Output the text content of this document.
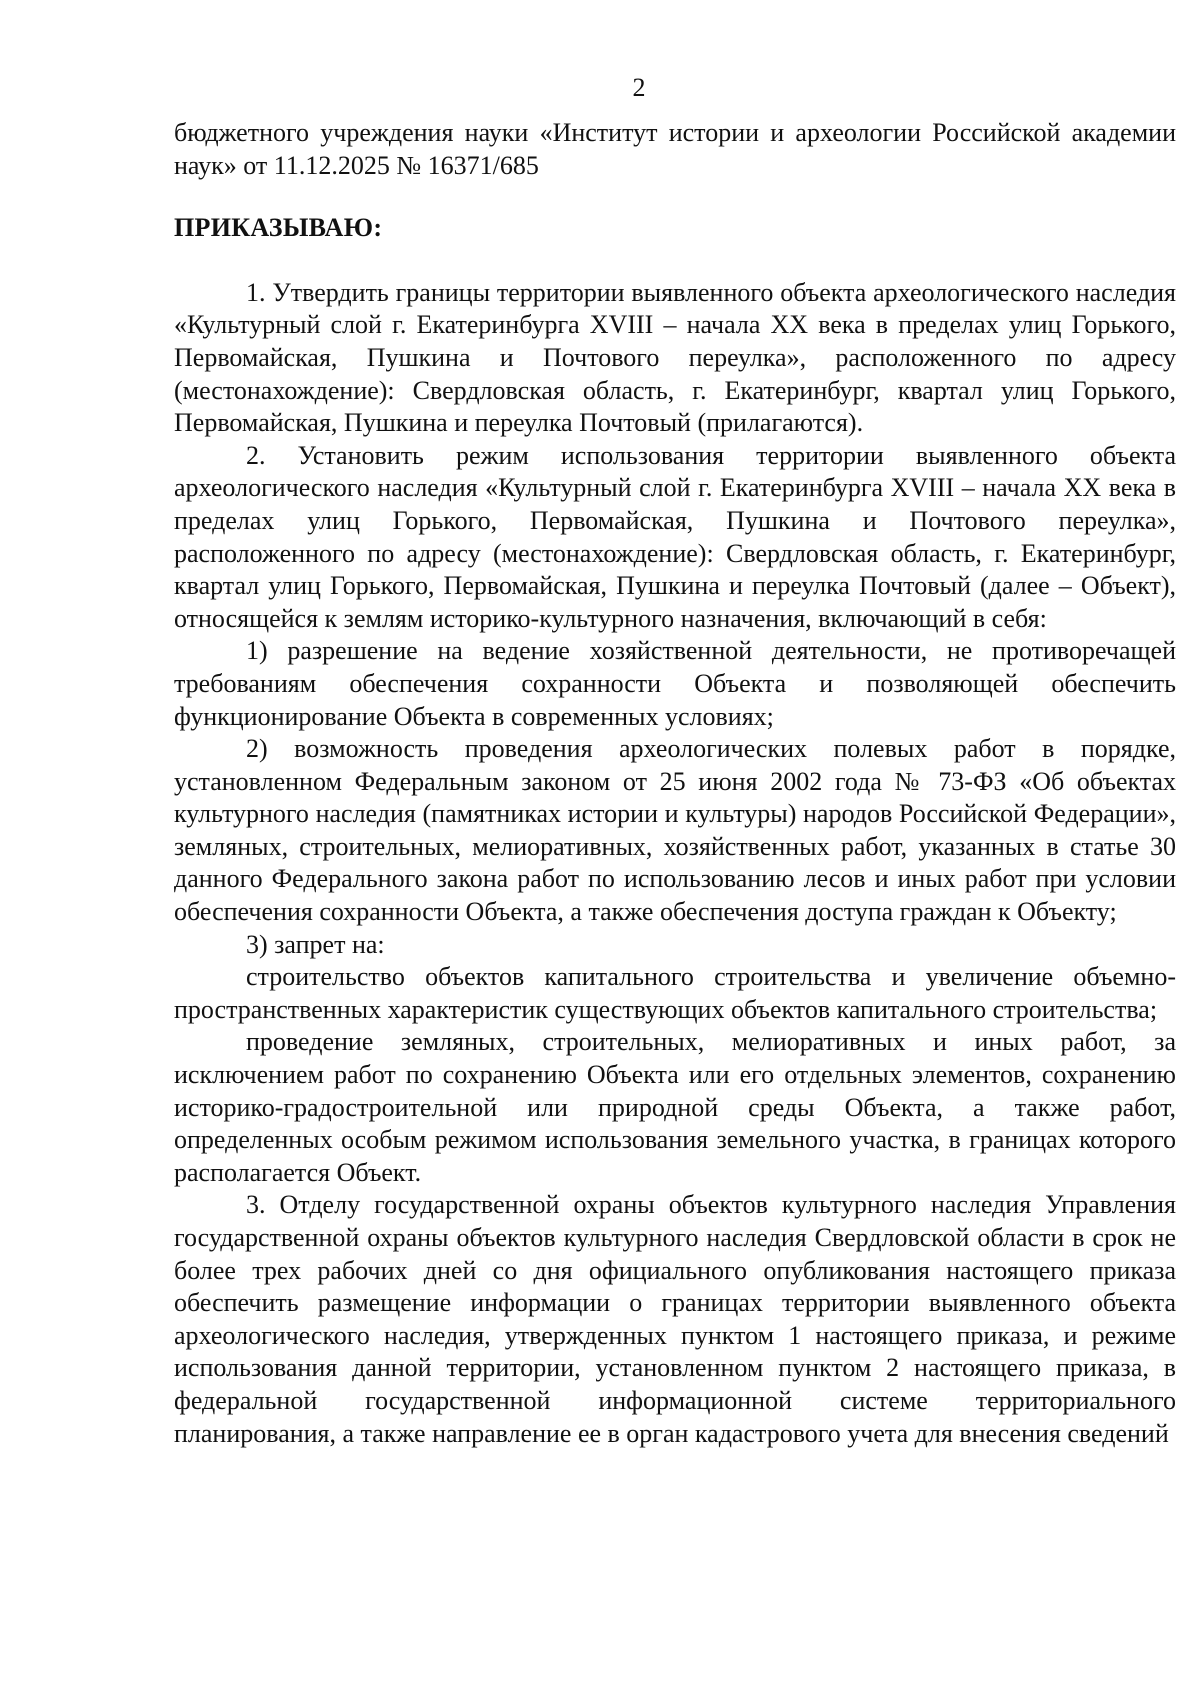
2

бюджетного учреждения науки «Институт истории и археологии Российской академии наук» от 11.12.2025 № 16371/685

ПРИКАЗЫВАЮ:

1. Утвердить границы территории выявленного объекта археологического наследия «Культурный слой г. Екатеринбурга XVIII – начала XX века в пределах улиц Горького, Первомайская, Пушкина и Почтового переулка», расположенного по адресу (местонахождение): Свердловская область, г. Екатеринбург, квартал улиц Горького, Первомайская, Пушкина и переулка Почтовый (прилагаются).

2. Установить режим использования территории выявленного объекта археологического наследия «Культурный слой г. Екатеринбурга XVIII – начала XX века в пределах улиц Горького, Первомайская, Пушкина и Почтового переулка», расположенного по адресу (местонахождение): Свердловская область, г. Екатеринбург, квартал улиц Горького, Первомайская, Пушкина и переулка Почтовый (далее – Объект), относящейся к землям историко-культурного назначения, включающий в себя:

1) разрешение на ведение хозяйственной деятельности, не противоречащей требованиям обеспечения сохранности Объекта и позволяющей обеспечить функционирование Объекта в современных условиях;

2) возможность проведения археологических полевых работ в порядке, установленном Федеральным законом от 25 июня 2002 года № 73-ФЗ «Об объектах культурного наследия (памятниках истории и культуры) народов Российской Федерации», земляных, строительных, мелиоративных, хозяйственных работ, указанных в статье 30 данного Федерального закона работ по использованию лесов и иных работ при условии обеспечения сохранности Объекта, а также обеспечения доступа граждан к Объекту;

3) запрет на:

строительство объектов капитального строительства и увеличение объемно-пространственных характеристик существующих объектов капитального строительства;

проведение земляных, строительных, мелиоративных и иных работ, за исключением работ по сохранению Объекта или его отдельных элементов, сохранению историко-градостроительной или природной среды Объекта, а также работ, определенных особым режимом использования земельного участка, в границах которого располагается Объект.

3. Отделу государственной охраны объектов культурного наследия Управления государственной охраны объектов культурного наследия Свердловской области в срок не более трех рабочих дней со дня официального опубликования настоящего приказа обеспечить размещение информации о границах территории выявленного объекта археологического наследия, утвержденных пунктом 1 настоящего приказа, и режиме использования данной территории, установленном пунктом 2 настоящего приказа, в федеральной государственной информационной системе территориального планирования, а также направление ее в орган кадастрового учета для внесения сведений
